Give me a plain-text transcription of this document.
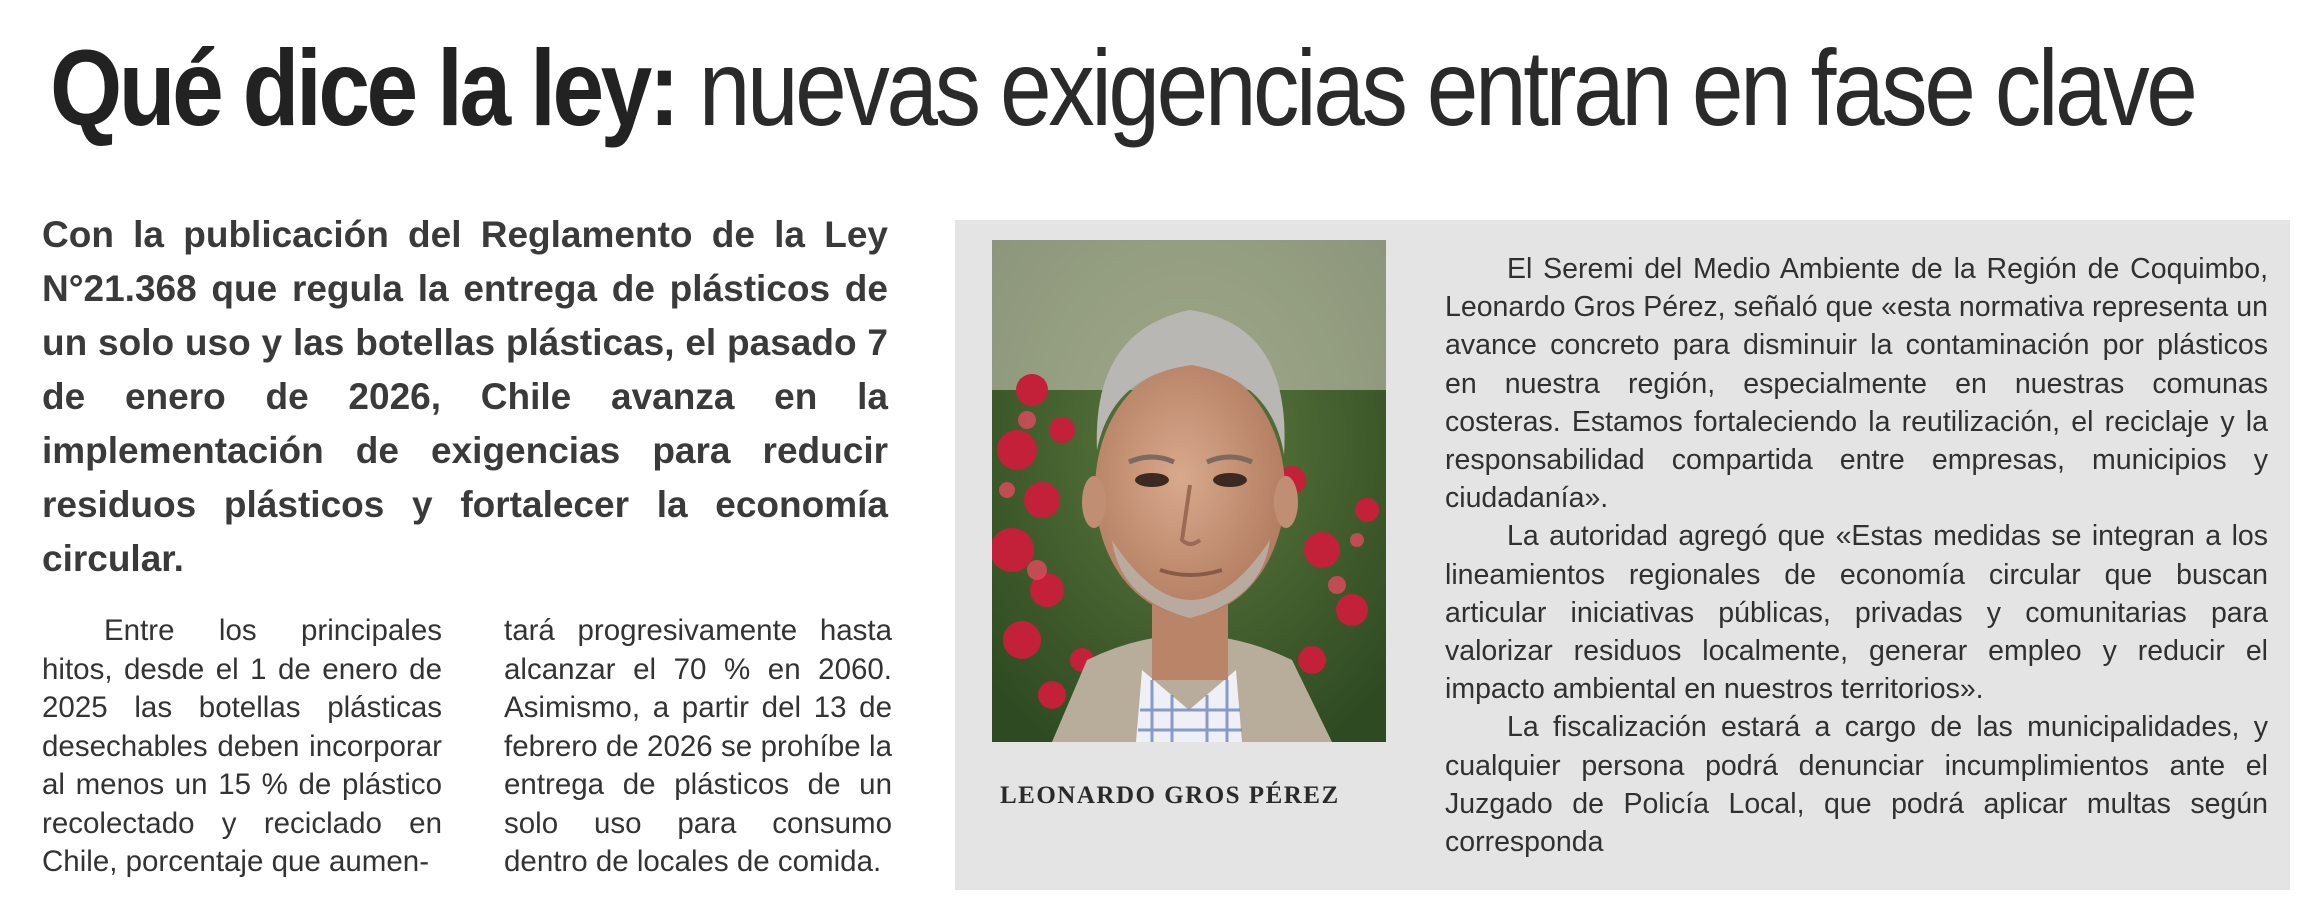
Qué dice la ley: nuevas exigencias entran en fase clave

Con la publicación del Reglamento de la Ley N°21.368 que regula la entrega de plásticos de un solo uso y las botellas plásticas, el pasado 7 de enero de 2026, Chile avanza en la implementación de exigencias para reducir residuos plásticos y fortalecer la economía circular.

Entre los principales hitos, desde el 1 de enero de 2025 las botellas plásticas desechables deben incorporar al menos un 15 % de plástico recolectado y reciclado en Chile, porcentaje que aumen-

tará progresivamente hasta alcanzar el 70 % en 2060. Asimismo, a partir del 13 de febrero de 2026 se prohíbe la entrega de plásticos de un solo uso para consumo dentro de locales de comida.

LEONARDO GROS PÉREZ

El Seremi del Medio Ambiente de la Región de Coquimbo, Leonardo Gros Pérez, señaló que «esta normativa representa un avance concreto para disminuir la contaminación por plásticos en nuestra región, especialmente en nuestras comunas costeras. Estamos fortaleciendo la reutilización, el reciclaje y la responsabilidad compartida entre empresas, municipios y ciudadanía».

La autoridad agregó que «Estas medidas se integran a los lineamientos regionales de economía circular que buscan articular iniciativas públicas, privadas y comunitarias para valorizar residuos localmente, generar empleo y reducir el impacto ambiental en nuestros territorios».

La fiscalización estará a cargo de las municipalidades, y cualquier persona podrá denunciar incumplimientos ante el Juzgado de Policía Local, que podrá aplicar multas según corresponda
